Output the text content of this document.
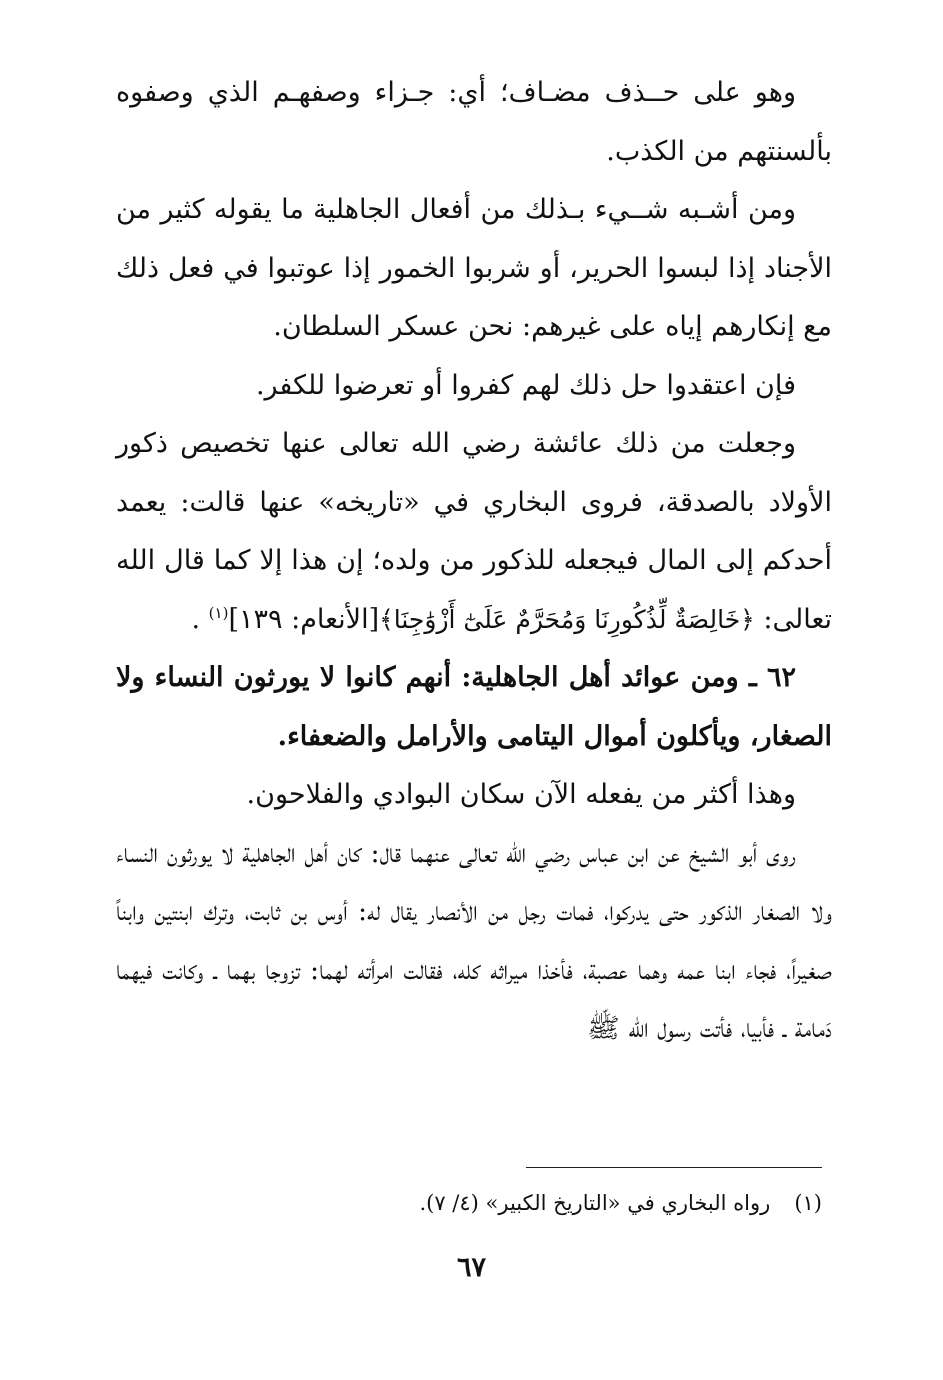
وهو على حــذف مضـاف؛ أي: جـزاء وصفهـم الذي وصفوه بألسنتهم من الكذب.

ومن أشـبه شــيء بـذلك من أفعال الجاهلية ما يقوله كثير من الأجناد إذا لبسوا الحرير، أو شربوا الخمور إذا عوتبوا في فعل ذلك مع إنكارهم إياه على غيرهم: نحن عسكر السلطان.

فإن اعتقدوا حل ذلك لهم كفروا أو تعرضوا للكفر.

وجعلت من ذلك عائشة رضي الله تعالى عنها تخصيص ذكور الأولاد بالصدقة، فروى البخاري في «تاريخه» عنها قالت: يعمد أحدكم إلى المال فيجعله للذكور من ولده؛ إن هذا إلا كما قال الله تعالى: ﴿خَالِصَةٌ لِّذُكُورِنَا وَمُحَرَّمٌ عَلَىٰٓ أَزْوَٰجِنَا﴾[الأنعام: ١٣٩]$^{(١)}$ .

٦٢ ـ ومن عوائد أهل الجاهلية: أنهم كانوا لا يورثون النساء ولا الصغار، ويأكلون أموال اليتامى والأرامل والضعفاء.

وهذا أكثر من يفعله الآن سكان البوادي والفلاحون.

روى أبو الشيخ عن ابن عباس رضي الله تعالى عنهما قال: كان أهل الجاهلية لا يورثون النساء ولا الصغار الذكور حتى يدركوا، فمات رجل من الأنصار يقال له: أوس بن ثابت، وترك ابنتين وابناً صغيراً، فجاء ابنا عمه وهما عصبة، فأخذا ميراثه كله، فقالت امرأته لهما: تزوجا بهما ـ وكانت فيهما دَمامة ـ فأبيا، فأتت رسول الله ﷺ

(١)رواه البخاري في «التاريخ الكبير» (٤/ ٧).
٦٧
